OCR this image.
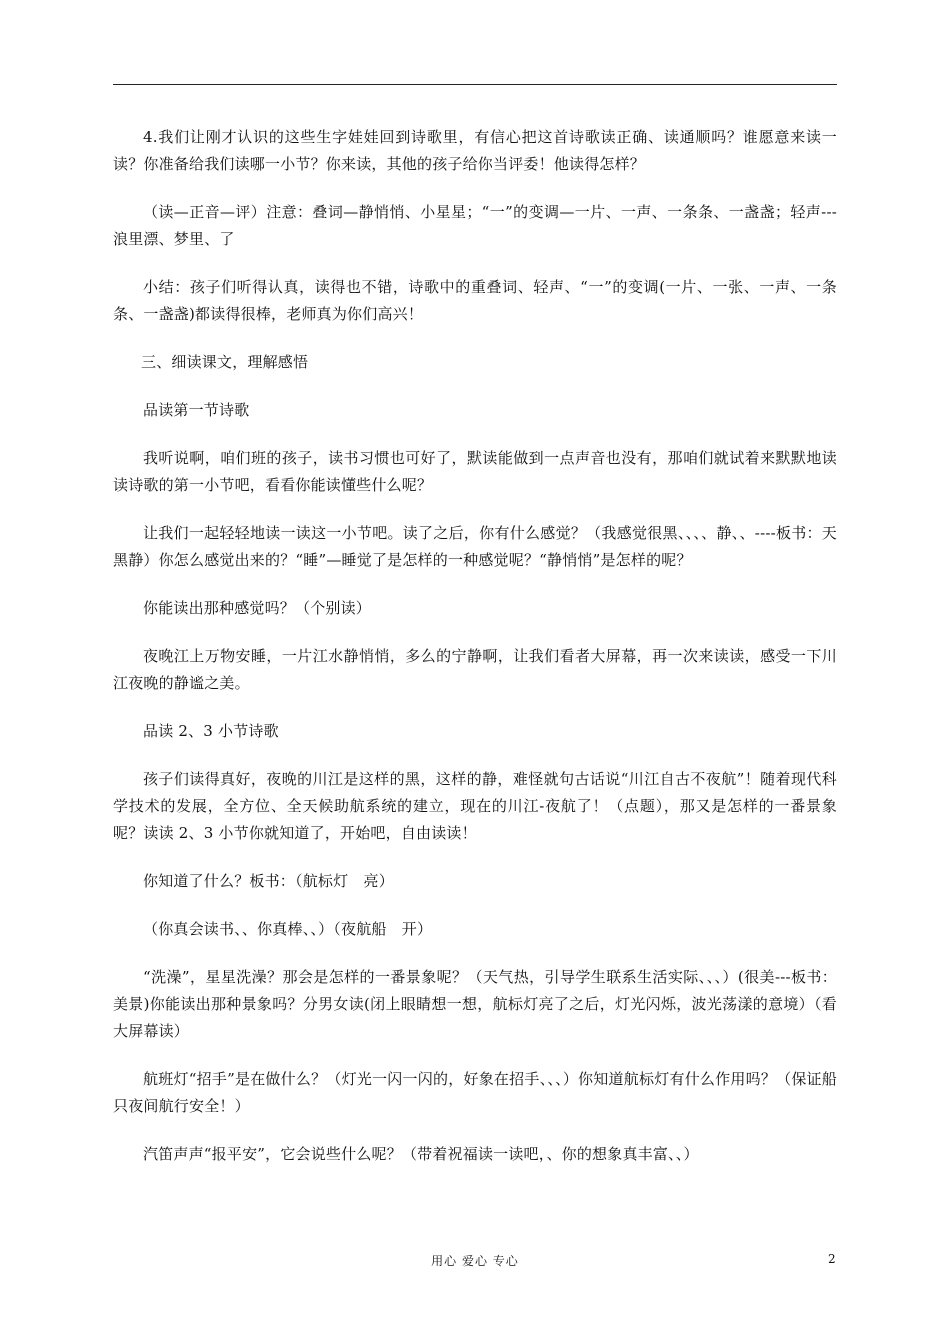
4.我们让刚才认识的这些生字娃娃回到诗歌里，有信心把这首诗歌读正确、读通顺吗？谁愿意来读一读？你准备给我们读哪一小节？你来读，其他的孩子给你当评委！他读得怎样？

（读—正音—评）注意：叠词—静悄悄、小星星；“一”的变调—一片、一声、一条条、一盏盏；轻声---浪里漂、梦里、了

小结：孩子们听得认真，读得也不错，诗歌中的重叠词、轻声、“一”的变调(一片、一张、一声、一条条、一盏盏)都读得很棒，老师真为你们高兴！

三、细读课文，理解感悟

品读第一节诗歌

我听说啊，咱们班的孩子，读书习惯也可好了，默读能做到一点声音也没有，那咱们就试着来默默地读读诗歌的第一小节吧，看看你能读懂些什么呢？

让我们一起轻轻地读一读这一小节吧。读了之后，你有什么感觉？（我感觉很黑、、、、静、、----板书：天黑静）你怎么感觉出来的？“睡”—睡觉了是怎样的一种感觉呢？“静悄悄”是怎样的呢？

你能读出那种感觉吗？（个别读）

夜晚江上万物安睡，一片江水静悄悄，多么的宁静啊，让我们看者大屏幕，再一次来读读，感受一下川江夜晚的静谧之美。

品读 2、3 小节诗歌

孩子们读得真好，夜晚的川江是这样的黑，这样的静，难怪就句古话说“川江自古不夜航”！随着现代科学技术的发展，全方位、全天候助航系统的建立，现在的川江-夜航了！（点题），那又是怎样的一番景象呢？读读 2、3 小节你就知道了，开始吧，自由读读！

你知道了什么？板书：（航标灯　亮）

（你真会读书、、你真棒、、）（夜航船　开）

“洗澡”，星星洗澡？那会是怎样的一番景象呢？（天气热，引导学生联系生活实际、、、）(很美---板书：美景)你能读出那种景象吗？分男女读(闭上眼睛想一想，航标灯亮了之后，灯光闪烁，波光荡漾的意境）（看大屏幕读）

航班灯“招手”是在做什么？（灯光一闪一闪的，好象在招手、、、）你知道航标灯有什么作用吗？（保证船只夜间航行安全！）

汽笛声声“报平安”，它会说些什么呢？（带着祝福读一读吧，、你的想象真丰富、、）

用心 爱心 专心	2
